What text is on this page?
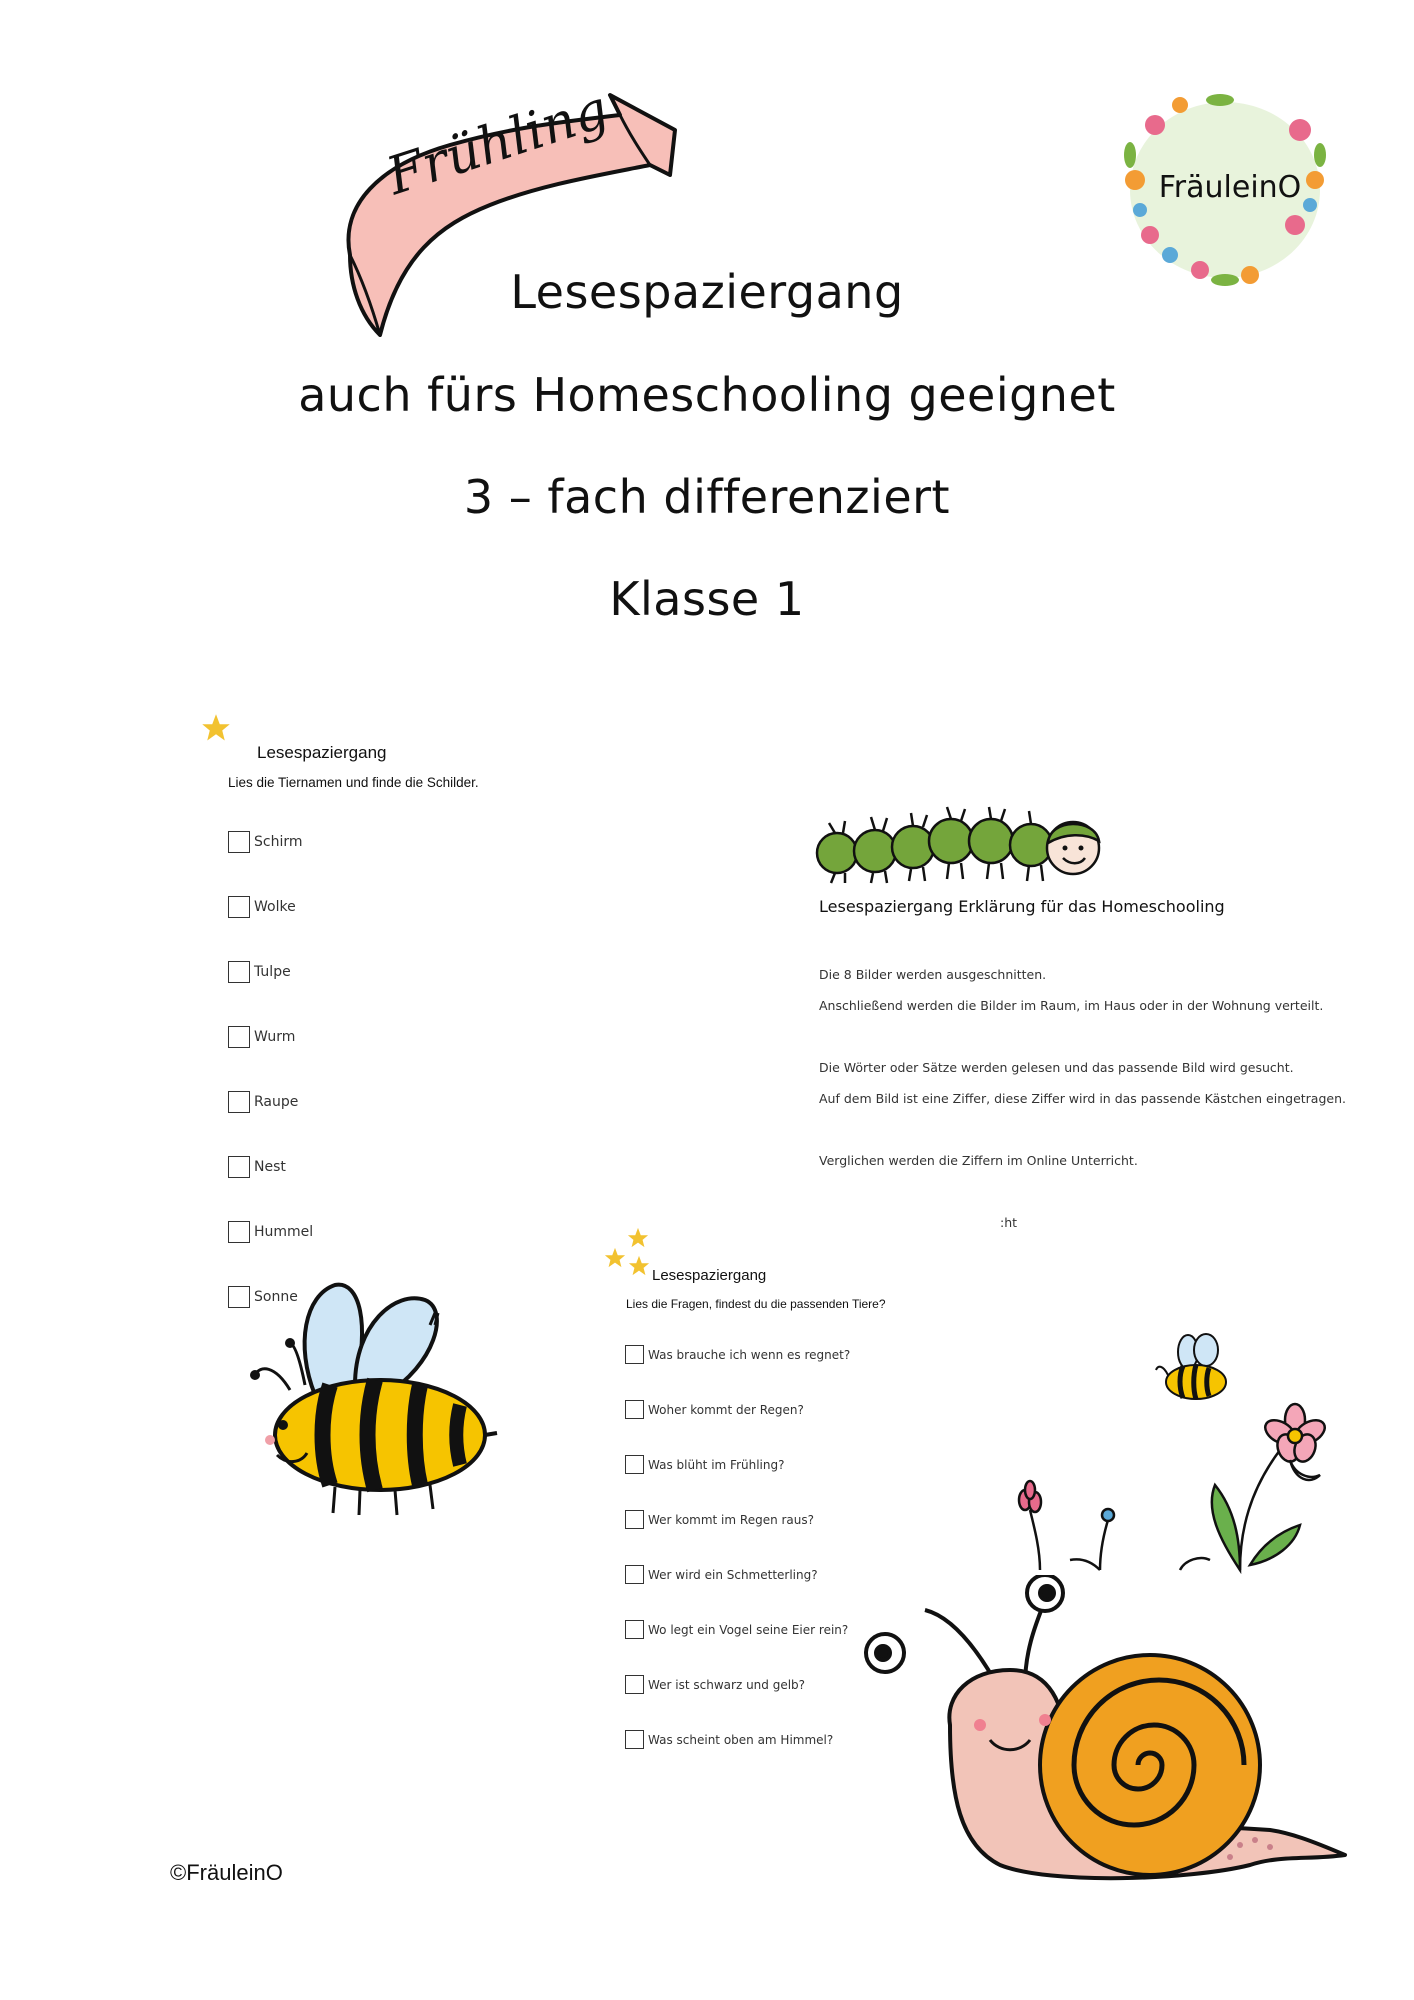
Frühling	FräuleinO
Lesespaziergang
auch fürs Homeschooling geeignet
3 – fach differenziert
Klasse 1
Lesespaziergang
Lies die Tiernamen und finde die Schilder.
Schirm
Wolke
Tulpe
Wurm
Raupe
Nest
Hummel
Sonne
Lesespaziergang Erklärung für das Homeschooling
Die 8 Bilder werden ausgeschnitten.
Anschließend werden die Bilder im Raum, im Haus oder in der Wohnung verteilt.
Die Wörter oder Sätze werden gelesen und das passende Bild wird gesucht.
Auf dem Bild ist eine Ziffer, diese Ziffer wird in das passende Kästchen eingetragen.
Verglichen werden die Ziffern im Online Unterricht.
:ht
Lesespaziergang
Lies die Fragen, findest du die passenden Tiere?
Was brauche ich wenn es regnet?
Woher kommt der Regen?
Was blüht im Frühling?
Wer kommt im Regen raus?
Wer wird ein Schmetterling?
Wo legt ein Vogel seine Eier rein?
Wer ist schwarz und gelb?
Was scheint oben am Himmel?
©FräuleinO
